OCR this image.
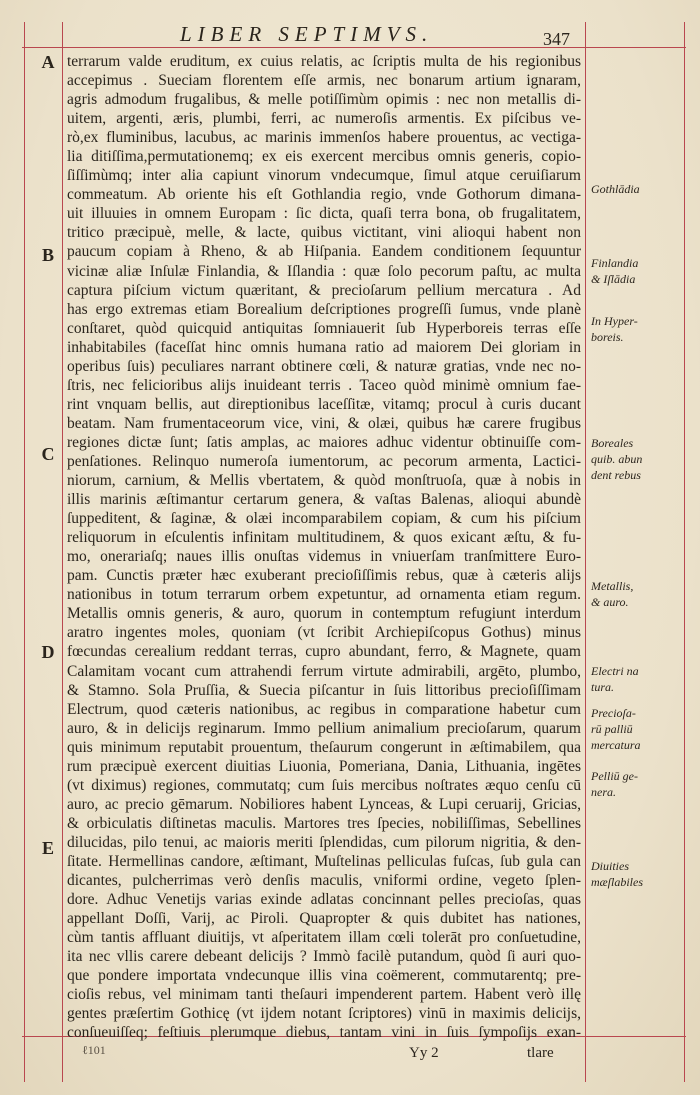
LIBER SEPTIMVS.	347
A
B
C
D
E
terrarum valde eruditum, ex cuius relatis, ac ſcriptis multa de his regionibus
accepimus . Sueciam florentem eſſe armis, nec bonarum artium ignaram,
agris admodum frugalibus, & melle potiſſimùm opimis : nec non metallis di-
uitem, argenti, æris, plumbi, ferri, ac numeroſis armentis. Ex piſcibus ve-
rò,ex fluminibus, lacubus, ac marinis immenſos habere prouentus, ac vectiga-
lia ditiſſima,permutationemq; ex eis exercent mercibus omnis generis, copio-
ſiſſimùmq; inter alia capiunt vinorum vndecumque, ſimul atque ceruiſiarum
commeatum. Ab oriente his eſt Gothlandia regio, vnde Gothorum dimana-
uit illuuies in omnem Europam : ſic dicta, quaſi terra bona, ob frugalitatem,
tritico præcipuè, melle, & lacte, quibus victitant, vini alioqui habent non
paucum copiam à Rheno, & ab Hiſpania. Eandem conditionem ſequuntur
vicinæ aliæ Inſulæ Finlandia, & Iſlandia : quæ ſolo pecorum paſtu, ac multa
captura piſcium victum quæritant, & precioſarum pellium mercatura . Ad
has ergo extremas etiam Borealium deſcriptiones progreſſi ſumus, vnde planè
conſtaret, quòd quicquid antiquitas ſomniauerit ſub Hyperboreis terras eſſe
inhabitabiles (faceſſat hinc omnis humana ratio ad maiorem Dei gloriam in
operibus ſuis) peculiares narrant obtinere cœli, & naturæ gratias, vnde nec no-
ſtris, nec felicioribus alijs inuideant terris . Taceo quòd minimè omnium fae-
rint vnquam bellis, aut direptionibus laceſſitæ, vitamq; procul à curis ducant
beatam. Nam frumentaceorum vice, vini, & olæi, quibus hæ carere frugibus
regiones dictæ ſunt; ſatis amplas, ac maiores adhuc videntur obtinuiſſe com-
penſationes. Relinquo numeroſa iumentorum, ac pecorum armenta, Lactici-
niorum, carnium, & Mellis vbertatem, & quòd monſtruoſa, quæ à nobis in
illis marinis æſtimantur certarum genera, & vaſtas Balenas, alioqui abundè
ſuppeditent, & ſaginæ, & olæi incomparabilem copiam, & cum his piſcium
reliquorum in eſculentis infinitam multitudinem, & quos exicant æſtu, & fu-
mo, onerariaſq; naues illis onuſtas videmus in vniuerſam tranſmittere Euro-
pam. Cunctis præter hæc exuberant precioſiſſimis rebus, quæ à cæteris alijs
nationibus in totum terrarum orbem expetuntur, ad ornamenta etiam regum.
Metallis omnis generis, & auro, quorum in contemptum refugiunt interdum
aratro ingentes moles, quoniam (vt ſcribit Archiepiſcopus Gothus) minus
fœcundas cerealium reddant terras, cupro abundant, ferro, & Magnete, quam
Calamitam vocant cum attrahendi ferrum virtute admirabili, argēto, plumbo,
& Stamno. Sola Pruſſia, & Suecia piſcantur in ſuis littoribus precioſiſſimam
Electrum, quod cæteris nationibus, ac regibus in comparatione habetur cum
auro, & in delicijs reginarum. Immo pellium animalium precioſarum, quarum
quis minimum reputabit prouentum, theſaurum congerunt in æſtimabilem, qua
rum præcipuè exercent diuitias Liuonia, Pomeriana, Dania, Lithuania, ingētes
(vt diximus) regiones, commutatq; cum ſuis mercibus noſtrates æquo cenſu cū
auro, ac precio gēmarum. Nobiliores habent Lynceas, & Lupi ceruarij, Gricias,
& orbiculatis diſtinetas maculis. Martores tres ſpecies, nobiliſſimas, Sebellines
dilucidas, pilo tenui, ac maioris meriti ſplendidas, cum pilorum nigritia, & den-
ſitate. Hermellinas candore, æſtimant, Muſtelinas pelliculas fuſcas, ſub gula can
dicantes, pulcherrimas verò denſis maculis, vniformi ordine, vegeto ſplen-
dore. Adhuc Venetijs varias exinde adlatas concinnant pelles precioſas, quas
appellant Doſſi, Varij, ac Piroli. Quapropter & quis dubitet has nationes,
cùm tantis affluant diuitijs, vt aſperitatem illam cœli tolerāt pro conſuetudine,
ita nec vllis carere debeant delicijs ? Immò facilè putandum, quòd ſi auri quo-
que pondere importata vndecunque illis vina coëmerent, commutarentq; pre-
cioſis rebus, vel minimam tanti theſauri impenderent partem. Habent verò illę
gentes præſertim Gothicę (vt ijdem notant ſcriptores) vinū in maximis delicijs,
conſueuiſſeq; feſtiuis plerumque diebus, tantam vini in ſuis ſympoſijs exan-
Gothlādia
Finlandia
& Iſlādia
In Hyper-
boreis.
Boreales
quib. abun
dent rebus
Metallis,
& auro.
Electri na
tura.
Precioſa-
rū palliū
mercatura
Pelliū ge-
nera.
Diuities
mæſlabiles
ℓ101	Yy 2	tlare
